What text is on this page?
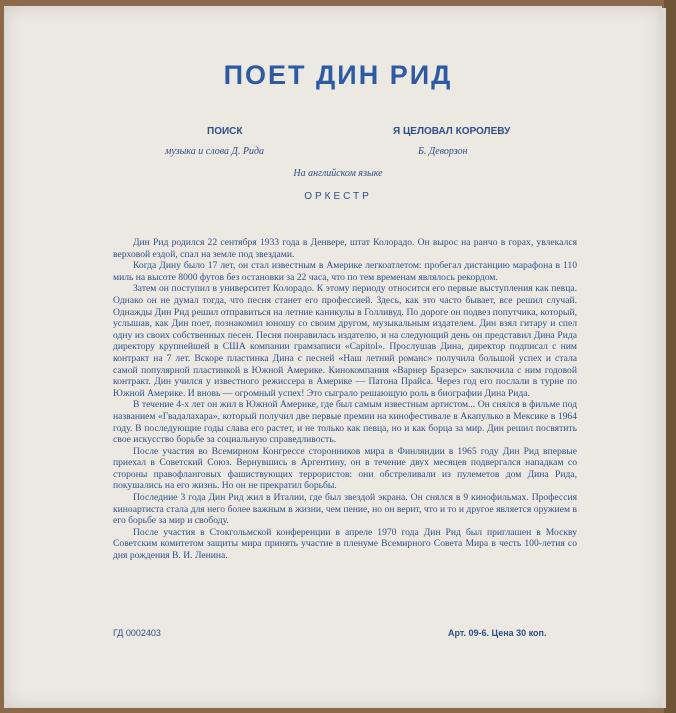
ПОЕТ ДИН РИД
ПОИСК
музыка и слова Д. Рида
Я ЦЕЛОВАЛ КОРОЛЕВУ
Б. Деворзон
На английском языке
ОРКЕСТР

Дин Рид родился 22 сентября 1933 года в Денвере, штат Колорадо. Он вырос на ранчо в горах, увлекался верховой ездой, спал на земле под звездами.

Когда Дину было 17 лет, он стал известным в Америке легкоатлетом: пробегал дистанцию марафона в 110 миль на высоте 8000 футов без остановки за 22 часа, что по тем временам являлось рекордом.

Затем он поступил в университет Колорадо. К этому периоду относится его первые выступления как певца. Однако он не думал тогда, что песня станет его профессией. Здесь, как это часто бывает, все решил случай. Однажды Дин Рид решил отправиться на летние каникулы в Голливуд. По дороге он подвез попутчика, который, услышав, как Дин поет, познакомил юношу со своим другом, музыкальным издателем. Дин взял гитару и спел одну из своих собственных песен. Песня понравилась издателю, и на следующий день он представил Дина Рида директору крупнейшей в США компании грамзаписи «Capitol». Прослушав Дина, директор подписал с ним контракт на 7 лет. Вскоре пластинка Дина с песней «Наш летний романс» получила большой успех и стала самой популярной пластинкой в Южной Америке. Кинокомпания «Варнер Бразерс» заключила с ним годовой контракт. Дин учился у известного режиссера в Америке — Патона Прайса. Через год его послали в турне по Южной Америке. И вновь — огромный успех! Это сыграло решающую роль в биографии Дина Рида.

В течение 4-х лет он жил в Южной Америке, где был самым известным артистом... Он снялся в фильме под названием «Гвадалахара», который получил две первые премии на кинофестивале в Акапулько в Мексике в 1964 году. В последующие годы слава его растет, и не только как певца, но и как борца за мир. Дин решил посвятить свое искусство борьбе за социальную справедливость.

После участия во Всемирном Конгрессе сторонников мира в Финляндии в 1965 году Дин Рид впервые приехал в Советский Союз. Вернувшись в Аргентину, он в течение двух месяцев подвергался нападкам со стороны правофланговых фашиствующих террористов: они обстреливали из пулеметов дом Дина Рида, покушались на его жизнь. Но он не прекратил борьбы.

Последние 3 года Дин Рид жил в Италии, где был звездой экрана. Он снялся в 9 кинофильмах. Профессия киноартиста стала для него более важным в жизни, чем пение, но он верит, что и то и другое является оружием в его борьбе за мир и свободу.

После участия в Стокгольмской конференции в апреле 1970 года Дин Рид был приглашен в Москву Советским комитетом защиты мира принять участие в пленуме Всемирного Совета Мира в честь 100-летия со дня рождения В. И. Ленина.

ГД 0002403	Арт. 09-6. Цена 30 коп.
